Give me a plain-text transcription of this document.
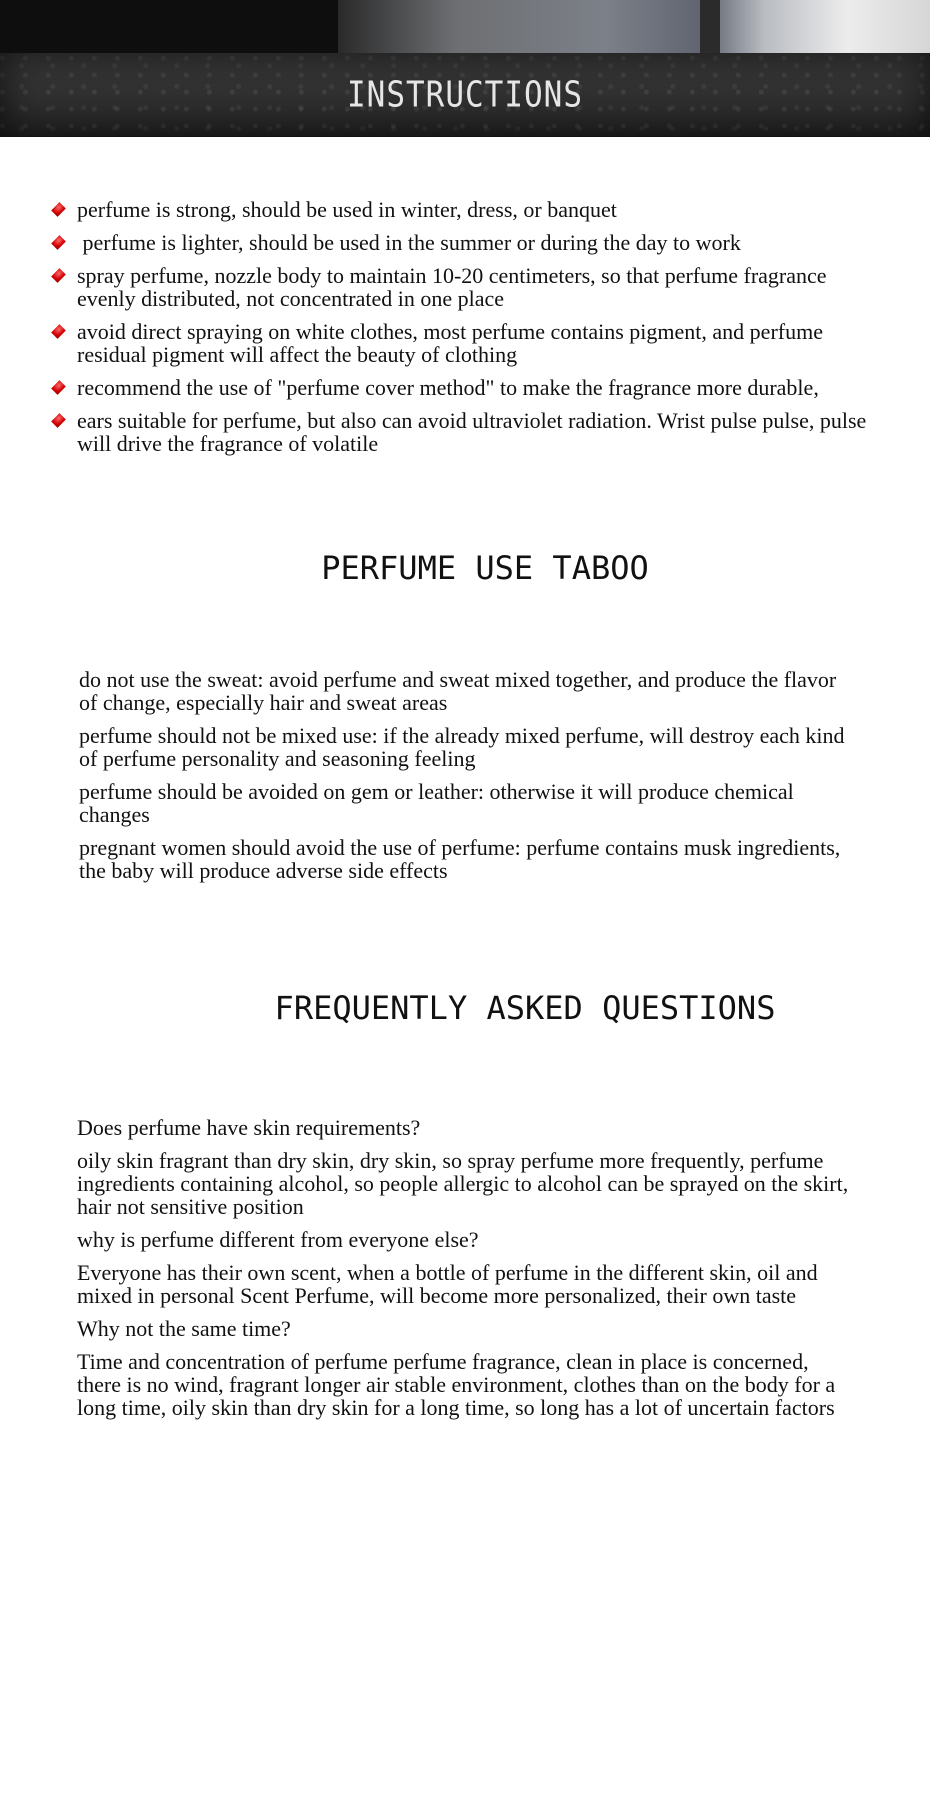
INSTRUCTIONS
perfume is strong, should be used in winter, dress, or banquet
perfume is lighter, should be used in the summer or during the day to work
spray perfume, nozzle body to maintain 10-20 centimeters, so that perfume fragrance evenly distributed, not concentrated in one place
avoid direct spraying on white clothes, most perfume contains pigment, and perfume residual pigment will affect the beauty of clothing
recommend the use of "perfume cover method" to make the fragrance more durable,
ears suitable for perfume, but also can avoid ultraviolet radiation. Wrist pulse pulse, pulse will drive the fragrance of volatile
PERFUME USE TABOO

do not use the sweat: avoid perfume and sweat mixed together, and produce the flavor of change, especially hair and sweat areas

perfume should not be mixed use: if the already mixed perfume, will destroy each kind of perfume personality and seasoning feeling

perfume should be avoided on gem or leather: otherwise it will produce chemical changes

pregnant women should avoid the use of perfume: perfume contains musk ingredients, the baby will produce adverse side effects

FREQUENTLY ASKED QUESTIONS

Does perfume have skin requirements?

oily skin fragrant than dry skin, dry skin, so spray perfume more frequently, perfume ingredients containing alcohol, so people allergic to alcohol can be sprayed on the skirt, hair not sensitive position

why is perfume different from everyone else?

Everyone has their own scent, when a bottle of perfume in the different skin, oil and mixed in personal Scent Perfume, will become more personalized, their own taste

Why not the same time?

Time and concentration of perfume perfume fragrance, clean in place is concerned, there is no wind, fragrant longer air stable environment, clothes than on the body for a long time, oily skin than dry skin for a long time, so long has a lot of uncertain factors
